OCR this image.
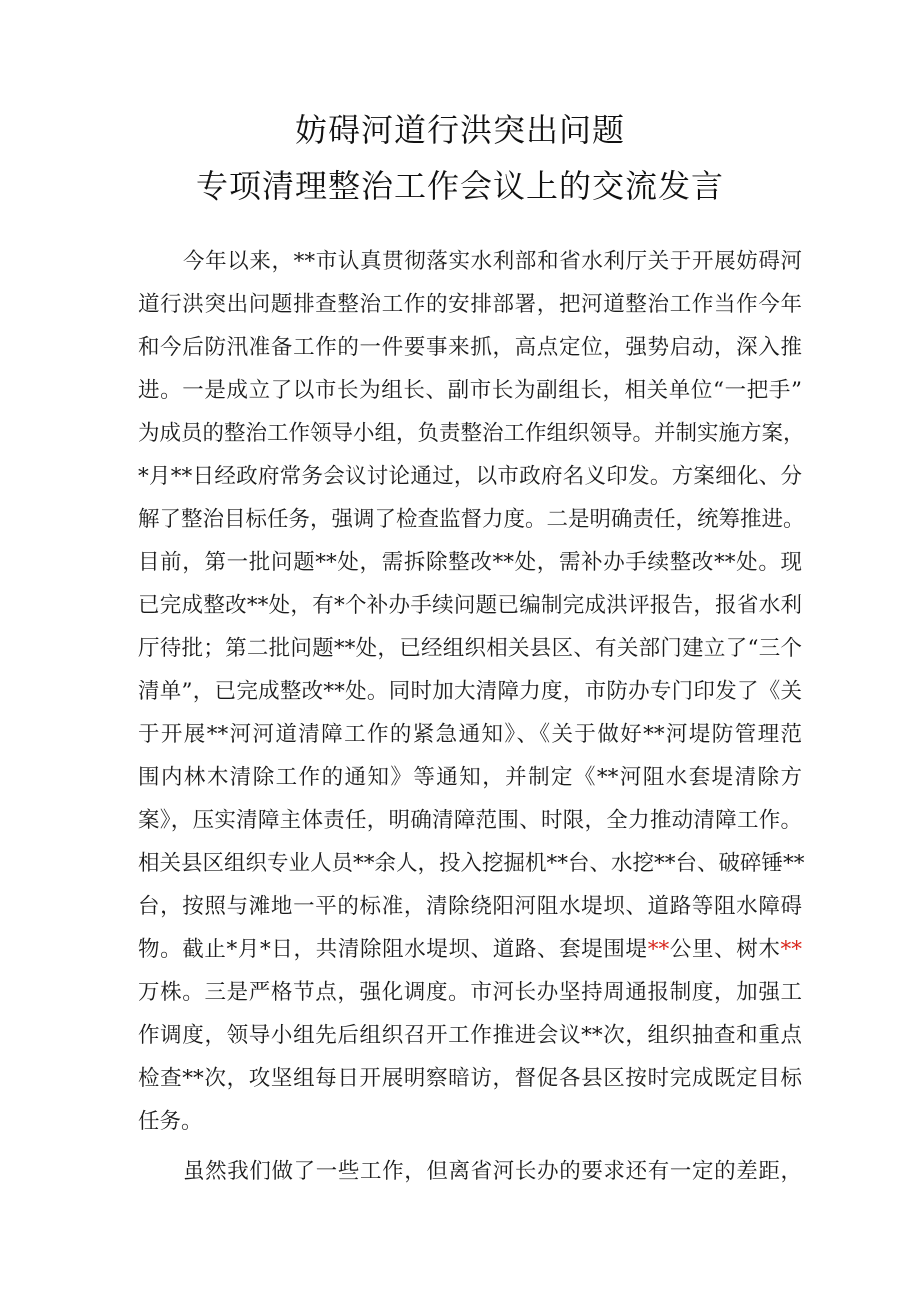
妨碍河道行洪突出问题
专项清理整治工作会议上的交流发言
今年以来，**市认真贯彻落实水利部和省水利厅关于开展妨碍河
道行洪突出问题排查整治工作的安排部署，把河道整治工作当作今年
和今后防汛准备工作的一件要事来抓，高点定位，强势启动，深入推
进。一是成立了以市长为组长、副市长为副组长，相关单位“一把手”
为成员的整治工作领导小组，负责整治工作组织领导。并制实施方案，
*月**日经政府常务会议讨论通过，以市政府名义印发。方案细化、分
解了整治目标任务，强调了检查监督力度。二是明确责任，统筹推进。
目前，第一批问题**处，需拆除整改**处，需补办手续整改**处。现
已完成整改**处，有*个补办手续问题已编制完成洪评报告，报省水利
厅待批；第二批问题**处，已经组织相关县区、有关部门建立了“三个
清单”，已完成整改**处。同时加大清障力度，市防办专门印发了《关
于开展**河河道清障工作的紧急通知》、《关于做好**河堤防管理范
围内林木清除工作的通知》等通知，并制定《**河阻水套堤清除方
案》，压实清障主体责任，明确清障范围、时限，全力推动清障工作。
相关县区组织专业人员**余人，投入挖掘机**台、水挖**台、破碎锤**
台，按照与滩地一平的标准，清除绕阳河阻水堤坝、道路等阻水障碍
物。截止*月*日，共清除阻水堤坝、道路、套堤围堤**公里、树木**
万株。三是严格节点，强化调度。市河长办坚持周通报制度，加强工
作调度，领导小组先后组织召开工作推进会议**次，组织抽查和重点
检查**次，攻坚组每日开展明察暗访，督促各县区按时完成既定目标
任务。
虽然我们做了一些工作，但离省河长办的要求还有一定的差距，
